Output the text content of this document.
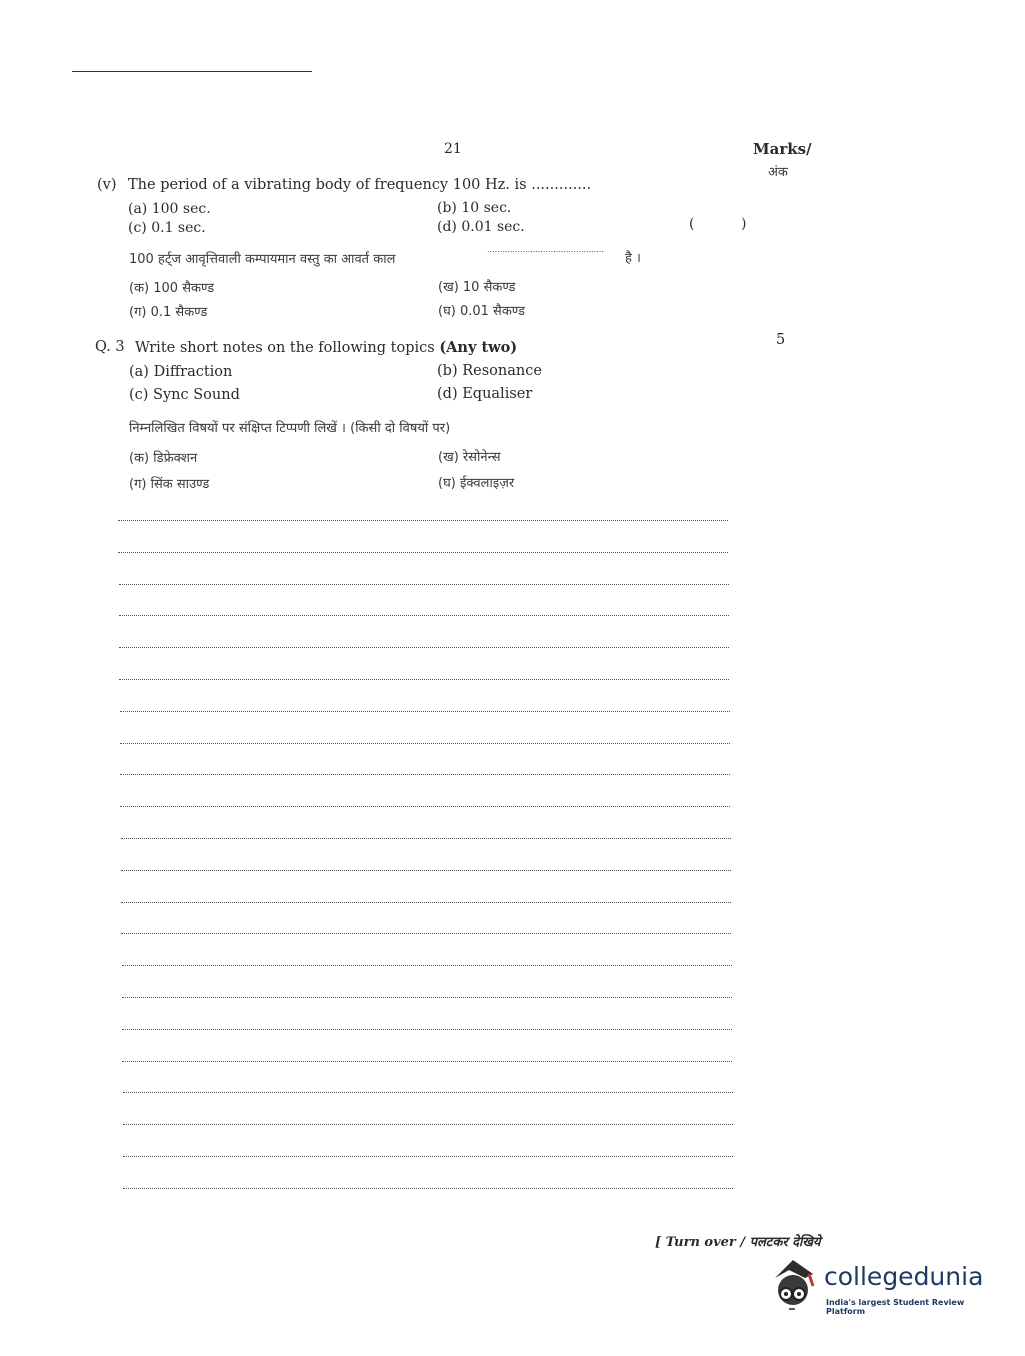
21	Marks/
अंक
(v) The period of a vibrating body of frequency 100 Hz. is .............
(a) 100 sec.	(b) 10 sec.
(c) 0.1 sec.	(d) 0.01 sec.	(	)
100 हर्ट्ज आवृत्तिवाली कम्पायमान वस्तु का आवर्त काल
..............................................
है ।
(क) 100 सैकण्ड	(ख) 10 सैकण्ड
(ग) 0.1 सैकण्ड	(घ) 0.01 सैकण्ड
Q. 3 Write short notes on the following topics (Any two)	5
(a) Diffraction	(b) Resonance
(c) Sync Sound	(d) Equaliser
निम्नलिखित विषयों पर संक्षिप्त टिप्पणी लिखें । (किसी दो विषयों पर)
(क) डिफ्रेक्शन	(ख) रेसोनेन्स
(ग) सिंक साउण्ड	(घ) ईक्वलाइज़र
[ Turn over / पलटकर देखिये
collegedunia
India's largest Student Review Platform
